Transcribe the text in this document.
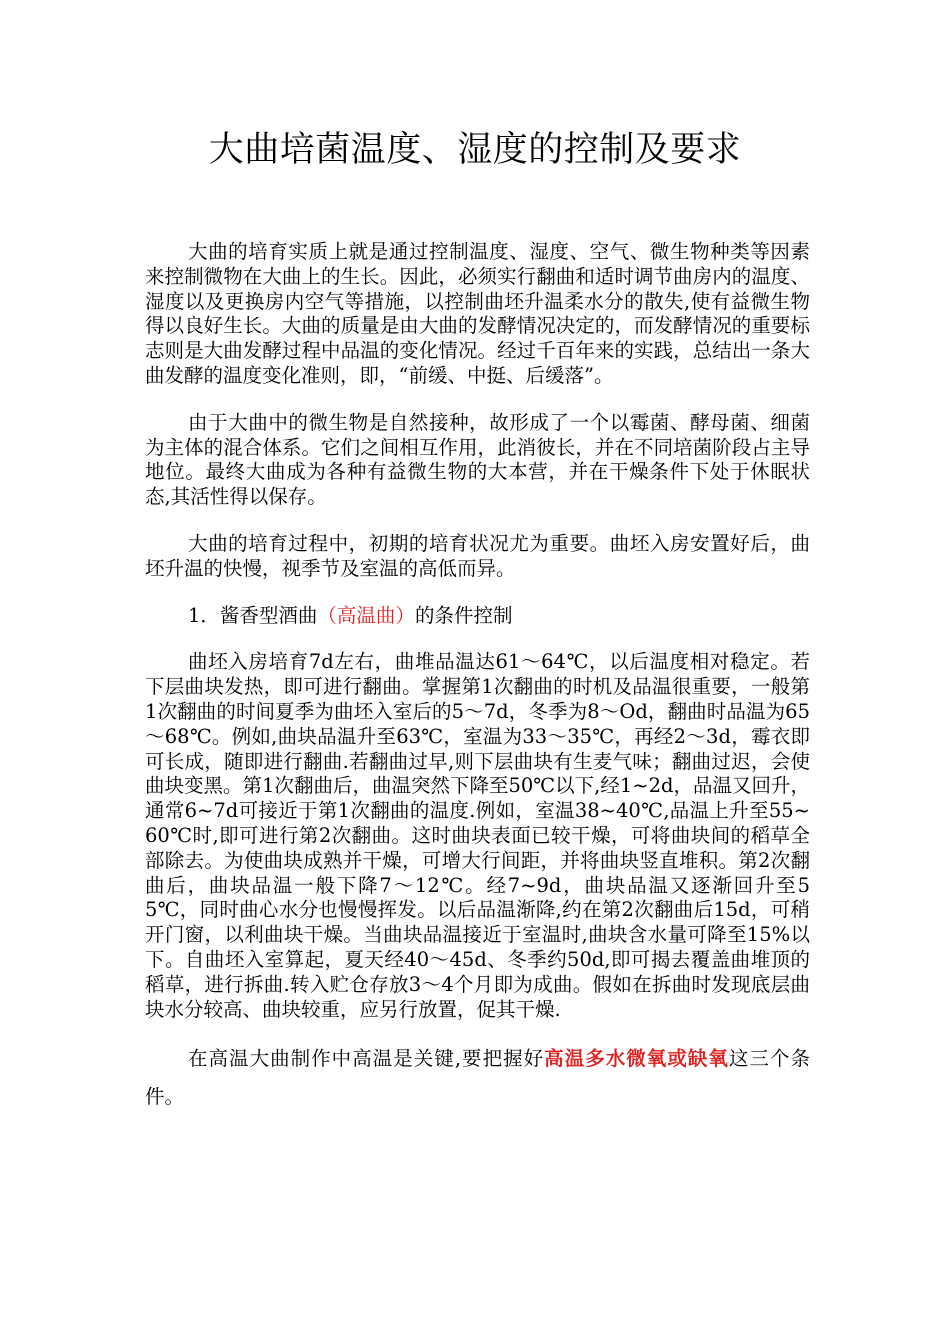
大曲培菌温度、湿度的控制及要求

大曲的培育实质上就是通过控制温度、湿度、空气、微生物种类等因素来控制微物在大曲上的生长。因此，必须实行翻曲和适时调节曲房内的温度、湿度以及更换房内空气等措施，以控制曲坯升温柔水分的散失,使有益微生物得以良好生长。大曲的质量是由大曲的发酵情况决定的，而发酵情况的重要标志则是大曲发酵过程中品温的变化情况。经过千百年来的实践，总结出一条大曲发酵的温度变化准则，即，“前缓、中挺、后缓落”。

由于大曲中的微生物是自然接种，故形成了一个以霉菌、酵母菌、细菌为主体的混合体系。它们之间相互作用，此消彼长，并在不同培菌阶段占主导地位。最终大曲成为各种有益微生物的大本营，并在干燥条件下处于休眠状态,其活性得以保存。

大曲的培育过程中，初期的培育状况尤为重要。曲坯入房安置好后，曲坯升温的快慢，视季节及室温的高低而异。

1．酱香型酒曲（高温曲）的条件控制

曲坯入房培育7d左右，曲堆品温达61～64℃，以后温度相对稳定。若下层曲块发热，即可进行翻曲。掌握第1次翻曲的时机及品温很重要，一般第1次翻曲的时间夏季为曲坯入室后的5～7d，冬季为8～Od，翻曲时品温为65～68℃。例如,曲块品温升至63℃，室温为33～35℃，再经2～3d，霉衣即可长成，随即进行翻曲.若翻曲过早,则下层曲块有生麦气味；翻曲过迟，会使曲块变黑。第1次翻曲后，曲温突然下降至50℃以下,经1~2d，品温又回升，通常6~7d可接近于第1次翻曲的温度.例如，室温38~40℃,品温上升至55~60℃时,即可进行第2次翻曲。这时曲块表面已较干燥，可将曲块间的稻草全部除去。为使曲块成熟并干燥，可增大行间距，并将曲块竖直堆积。第2次翻曲后，曲块品温一般下降7～12℃。经7~9d，曲块品温又逐渐回升至55℃，同时曲心水分也慢慢挥发。以后品温渐降,约在第2次翻曲后15d，可稍开门窗，以利曲块干燥。当曲块品温接近于室温时,曲块含水量可降至15%以下。自曲坯入室算起，夏天经40～45d、冬季约50d,即可揭去覆盖曲堆顶的稻草，进行拆曲.转入贮仓存放3～4个月即为成曲。假如在拆曲时发现底层曲块水分较高、曲块较重，应另行放置，促其干燥.

在高温大曲制作中高温是关键,要把握好高温多水微氧或缺氧这三个条件。
